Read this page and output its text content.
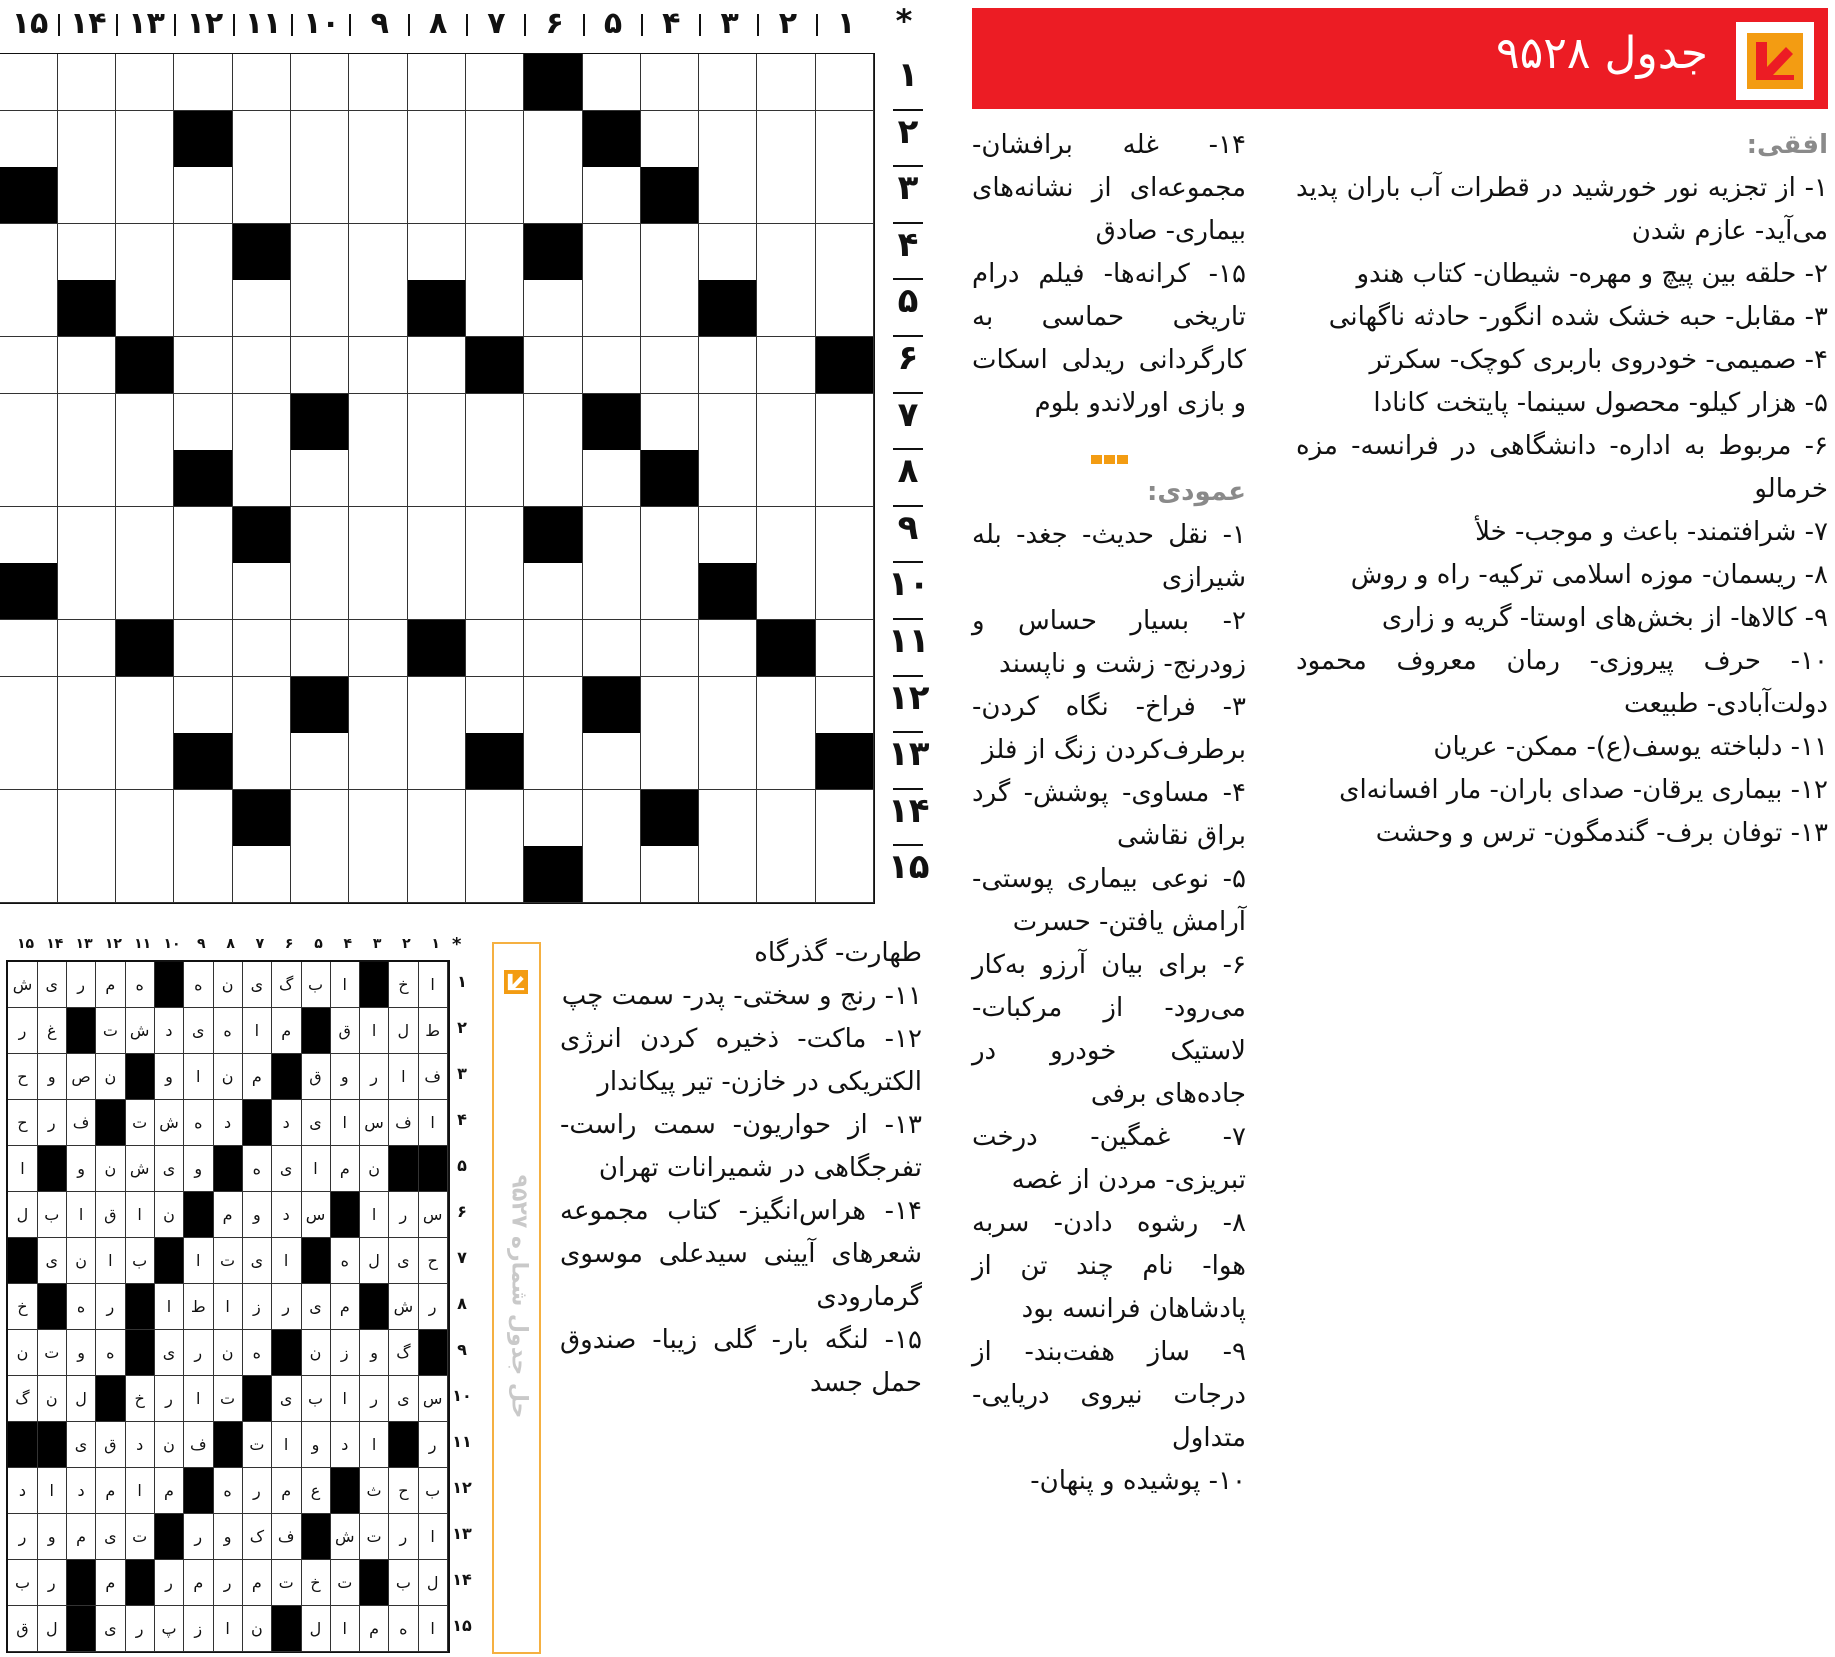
*
۱
۲
۳
۴
۵
۶
۷
۸
۹
۱۰
۱۱
۱۲
۱۳
۱۴
۱۵
۱
۲
۳
۴
۵
۶
۷
۸
۹
۱۰
۱۱
۱۲
۱۳
۱۴
۱۵
جدول ۹۵۲۸

افقی:

۱- از تجزیه نور خورشید در قطرات آب باران پدید می‌آید- عازم شدن

۲- حلقه بین پیچ و مهره- شیطان- کتاب هندو

۳- مقابل- حبه خشک شده انگور- حادثه ناگهانی

۴- صمیمی- خودروی باربری کوچک- سکرتر

۵- هزار کیلو- محصول سینما- پایتخت کانادا

۶- مربوط به اداره- دانشگاهی در فرانسه- مزه خرمالو

۷- شرافتمند- باعث و موجب- خلأ

۸- ریسمان- موزه اسلامی ترکیه- راه و روش

۹- کالاها- از بخش‌های اوستا- گریه و زاری

۱۰- حرف پیروزی- رمان معروف محمود دولت‌آبادی- طبیعت

۱۱- دلباخته یوسف(ع)- ممکن- عریان

۱۲- بیماری یرقان- صدای باران- مار افسانه‌ای

۱۳- توفان برف- گندمگون- ترس و وحشت

۱۴- غله برافشان- مجموعه‌ای از نشانه‌های بیماری- صادق

۱۵- کرانه‌ها- فیلم درام تاریخی حماسی به کارگردانی ریدلی اسکات و بازی اورلاندو بلوم

عمودی:

۱- نقل حدیث- جغد- بله شیرازی

۲- بسیار حساس و زودرنج- زشت و ناپسند

۳- فراخ- نگاه کردن- برطرف‌کردن زنگ از فلز

۴- مساوی- پوشش- گرد براق نقاشی

۵- نوعی بیماری پوستی- آرامش یافتن- حسرت

۶- برای بیان آرزو به‌کار می‌رود- از مرکبات- لاستیک خودرو در جاده‌های برفی

۷- غمگین- درخت تبریزی- مردن از غصه

۸- رشوه دادن- سربه هوا- نام چند تن از پادشاهان فرانسه بود

۹- ساز هفت‌بند- از درجات نیروی دریایی- متداول

۱۰- پوشیده و پنهان-

طهارت- گذرگاه

۱۱- رنج و سختی- پدر- سمت چپ

۱۲- ماکت- ذخیره کردن انرژی الکتریکی در خازن- تیر پیکاندار

۱۳- از حواریون- سمت راست- تفرجگاهی در شمیرانات تهران

۱۴- هراس‌انگیز- کتاب مجموعه شعرهای آیینی سیدعلی موسوی گرمارودی

۱۵- لنگه بار- گلی زیبا- صندوق حمل جسد

حل جدول شماره ۹۵۲۷
*
۱
۲
۳
۴
۵
۶
۷
۸
۹
۱۰
۱۱
۱۲
۱۳
۱۴
۱۵
۱
۲
۳
۴
۵
۶
۷
۸
۹
۱۰
۱۱
۱۲
۱۳
۱۴
۱۵
ا
خ
ا
ب
گ
ی
ن
ه
ه
م
ر
ی
ش
ط
ل
ا
ق
م
ا
ه
ی
د
ش
ت
غ
ر
ف
ا
ر
و
ق
م
ن
ا
و
ن
ص
و
ح
ا
ف
س
ا
ی
د
د
ه
ش
ت
ف
ر
ح
ن
م
ا
ی
ه
و
ی
ش
ن
و
ا
س
ر
ا
س
د
و
م
ن
ا
ق
ا
ب
ل
ح
ی
ل
ه
ا
ی
ت
ا
ب
ا
ن
ی
ر
ش
م
ی
ر
ز
ا
ط
ا
ر
ه
خ
گ
و
ز
ن
ه
ن
ر
ی
ه
و
ت
ن
س
ی
ر
ا
ب
ی
ت
ا
ر
خ
ل
ن
گ
ر
ا
د
و
ا
ت
ف
ن
د
ق
ی
ب
ح
ث
ع
م
ر
ه
م
ا
م
د
ا
د
ا
ر
ت
ش
ف
ک
و
ر
ت
ی
م
و
ر
ل
ب
ت
خ
ت
م
ر
م
ر
م
ر
ب
ا
ه
م
ا
ل
ن
ا
ز
پ
ر
ی
ل
ق
